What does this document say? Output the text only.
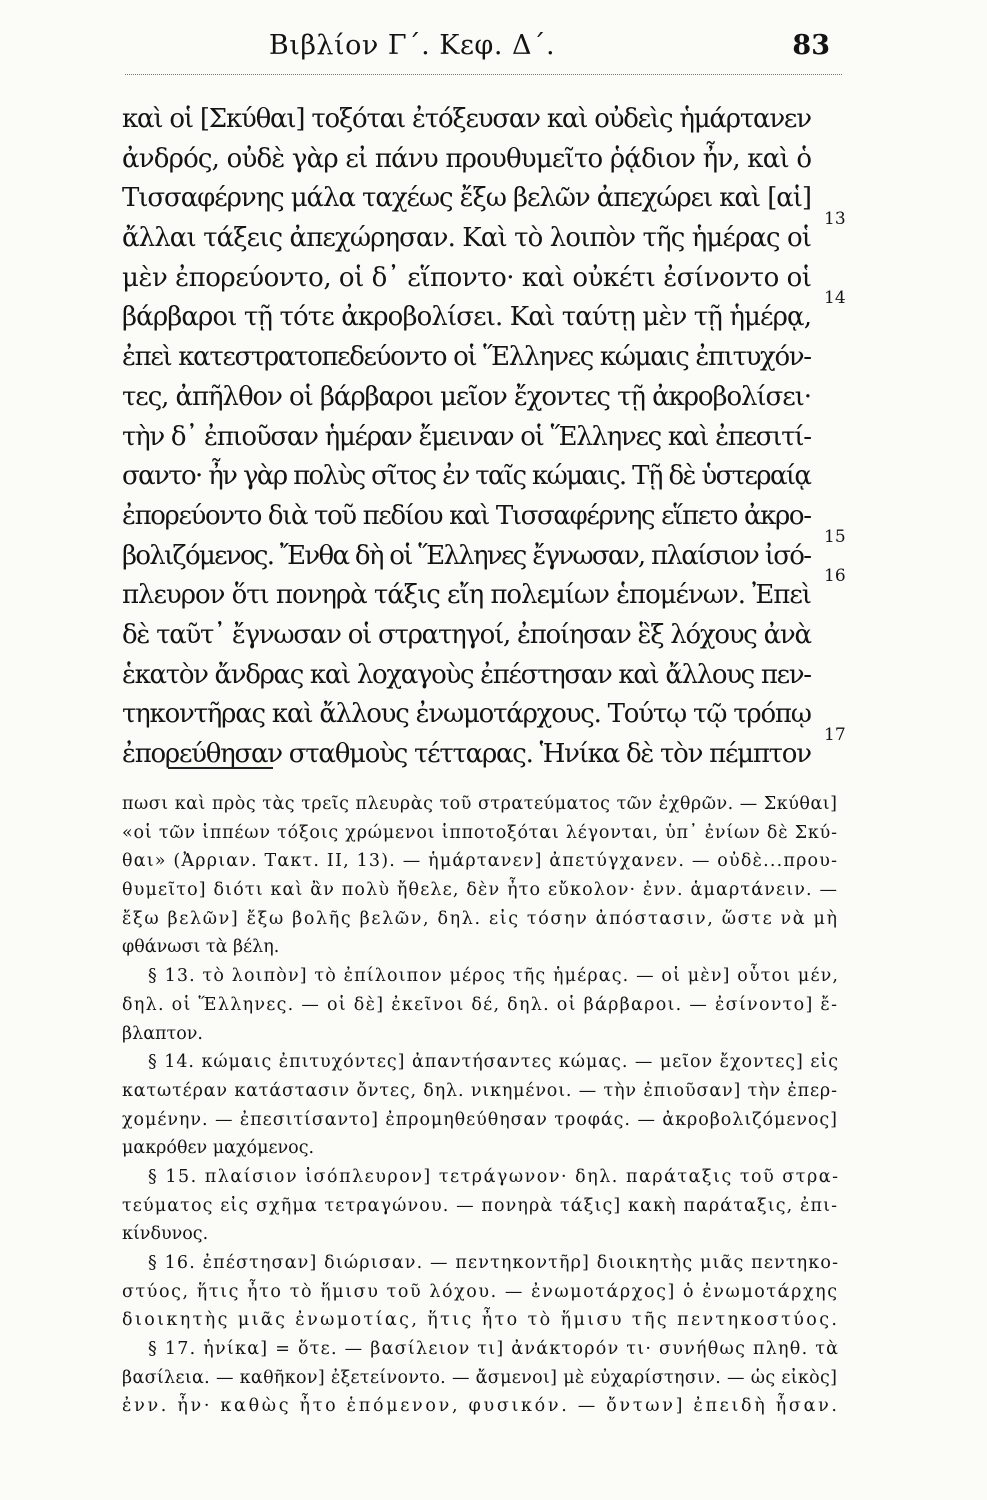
Βιβλίον Γ΄. Κεφ. Δ΄.	83
καὶ οἱ [Σκύθαι] τοξόται ἐτόξευσαν καὶ οὐδεὶς ἡμάρτανεν
ἀνδρός, οὐδὲ γὰρ εἰ πάνυ προυθυμεῖτο ῥᾴδιον ἦν, καὶ ὁ
Τισσαφέρνης μάλα ταχέως ἔξω βελῶν ἀπεχώρει καὶ [αἱ]
ἄλλαι τάξεις ἀπεχώρησαν. Καὶ τὸ λοιπὸν τῆς ἡμέρας οἱ
13
μὲν ἐπορεύοντο, οἱ δ᾽ εἵποντο· καὶ οὐκέτι ἐσίνοντο οἱ
βάρβαροι τῇ τότε ἀκροβολίσει. Καὶ ταύτῃ μὲν τῇ ἡμέρᾳ,
14
ἐπεὶ κατεστρατοπεδεύοντο οἱ Ἕλληνες κώμαις ἐπιτυχόν-
τες, ἀπῆλθον οἱ βάρβαροι μεῖον ἔχοντες τῇ ἀκροβολίσει·
τὴν δ᾽ ἐπιοῦσαν ἡμέραν ἔμειναν οἱ Ἕλληνες καὶ ἐπεσιτί-
σαντο· ἦν γὰρ πολὺς σῖτος ἐν ταῖς κώμαις. Τῇ δὲ ὑστεραίᾳ
ἐπορεύοντο διὰ τοῦ πεδίου καὶ Τισσαφέρνης εἵπετο ἀκρο-
βολιζόμενος. Ἔνθα δὴ οἱ Ἕλληνες ἔγνωσαν, πλαίσιον ἰσό-
15
πλευρον ὅτι πονηρὰ τάξις εἴη πολεμίων ἑπομένων. Ἐπεὶ
16
δὲ ταῦτ᾽ ἔγνωσαν οἱ στρατηγοί, ἐποίησαν ἓξ λόχους ἀνὰ
ἑκατὸν ἄνδρας καὶ λοχαγοὺς ἐπέστησαν καὶ ἄλλους πεν-
τηκοντῆρας καὶ ἄλλους ἐνωμοτάρχους. Τούτῳ τῷ τρόπῳ
ἐπορεύθησαν σταθμοὺς τέτταρας. Ἡνίκα δὲ τὸν πέμπτον
17
πωσι καὶ πρὸς τὰς τρεῖς πλευρὰς τοῦ στρατεύματος τῶν ἐχθρῶν. — Σκύθαι]
«οἱ τῶν ἱππέων τόξοις χρώμενοι ἱπποτοξόται λέγονται, ὑπ᾽ ἐνίων δὲ Σκύ-
θαι» (Ἀρριαν. Τακτ. II, 13). — ἡμάρτανεν] ἀπετύγχανεν. — οὐδὲ...πρου-
θυμεῖτο] διότι καὶ ἂν πολὺ ἤθελε, δὲν ἦτο εὔκολον· ἐνν. ἁμαρτάνειν. —
ἔξω βελῶν] ἔξω βολῆς βελῶν, δηλ. εἰς τόσην ἀπόστασιν, ὥστε νὰ μὴ
φθάνωσι τὰ βέλη.
§ 13. τὸ λοιπὸν] τὸ ἐπίλοιπον μέρος τῆς ἡμέρας. — οἱ μὲν] οὗτοι μέν,
δηλ. οἱ Ἕλληνες. — οἱ δὲ] ἐκεῖνοι δέ, δηλ. οἱ βάρβαροι. — ἐσίνοντο] ἔ-
βλαπτον.
§ 14. κώμαις ἐπιτυχόντες] ἀπαντήσαντες κώμας. — μεῖον ἔχοντες] εἰς
κατωτέραν κατάστασιν ὄντες, δηλ. νικημένοι. — τὴν ἐπιοῦσαν] τὴν ἐπερ-
χομένην. — ἐπεσιτίσαντο] ἐπρομηθεύθησαν τροφάς. — ἀκροβολιζόμενος]
μακρόθεν μαχόμενος.
§ 15. πλαίσιον ἰσόπλευρον] τετράγωνον· δηλ. παράταξις τοῦ στρα-
τεύματος εἰς σχῆμα τετραγώνου. — πονηρὰ τάξις] κακὴ παράταξις, ἐπι-
κίνδυνος.
§ 16. ἐπέστησαν] διώρισαν. — πεντηκοντῆρ] διοικητὴς μιᾶς πεντηκο-
στύος, ἥτις ἦτο τὸ ἥμισυ τοῦ λόχου. — ἐνωμοτάρχος] ὁ ἐνωμοτάρχης
διοικητὴς μιᾶς ἐνωμοτίας, ἥτις ἦτο τὸ ἥμισυ τῆς πεντηκοστύος.
§ 17. ἡνίκα] = ὅτε. — βασίλειον τι] ἀνάκτορόν τι· συνήθως πληθ. τὰ
βασίλεια. — καθῆκον] ἐξετείνοντο. — ἄσμενοι] μὲ εὐχαρίστησιν. — ὡς εἰκὸς]
ἐνν. ἦν· καθὼς ἦτο ἑπόμενον, φυσικόν. — ὄντων] ἐπειδὴ ἦσαν.
